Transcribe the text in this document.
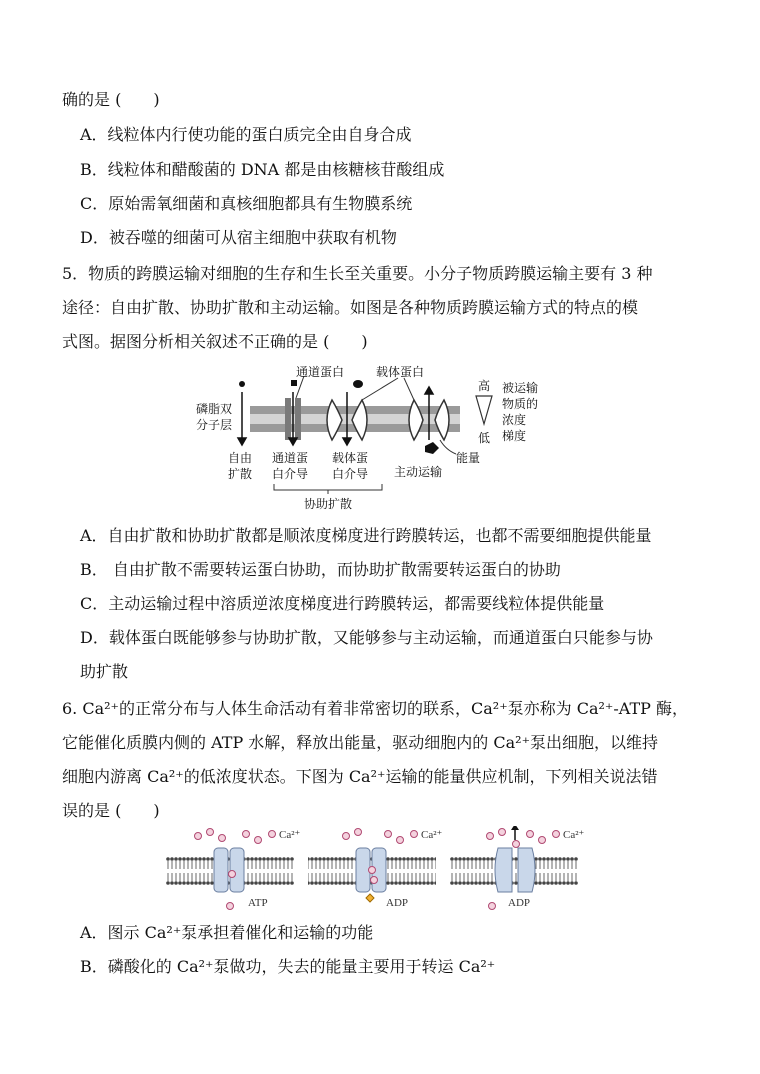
确的是 (　　)
A．线粒体内行使功能的蛋白质完全由自身合成
B．线粒体和醋酸菌的 DNA 都是由核糖核苷酸组成
C．原始需氧细菌和真核细胞都具有生物膜系统
D．被吞噬的细菌可从宿主细胞中获取有机物
5．物质的跨膜运输对细胞的生存和生长至关重要。小分子物质跨膜运输主要有 3 种
途径：自由扩散、协助扩散和主动运输。如图是各种物质跨膜运输方式的特点的模
式图。据图分析相关叙述不正确的是 (　　)
磷脂双
分子层
通道蛋白	载体蛋白
高
低
被运输
物质的
浓度
梯度
能量
自由
扩散
通道蛋
白介导
载体蛋
白介导 主动运输
协助扩散
A．自由扩散和协助扩散都是顺浓度梯度进行跨膜转运，也都不需要细胞提供能量
B． 自由扩散不需要转运蛋白协助，而协助扩散需要转运蛋白的协助
C．主动运输过程中溶质逆浓度梯度进行跨膜转运，都需要线粒体提供能量
D．载体蛋白既能够参与协助扩散，又能够参与主动运输，而通道蛋白只能参与协
助扩散
6. Ca²⁺的正常分布与人体生命活动有着非常密切的联系，Ca²⁺泵亦称为 Ca²⁺-ATP 酶，
它能催化质膜内侧的 ATP 水解，释放出能量，驱动细胞内的 Ca²⁺泵出细胞，以维持
细胞内游离 Ca²⁺的低浓度状态。下图为 Ca²⁺运输的能量供应机制，下列相关说法错
误的是 (　　)
Ca²⁺
ATP
Ca²⁺
ADP
Ca²⁺
ADP
A．图示 Ca²⁺泵承担着催化和运输的功能
B．磷酸化的 Ca²⁺泵做功，失去的能量主要用于转运 Ca²⁺
